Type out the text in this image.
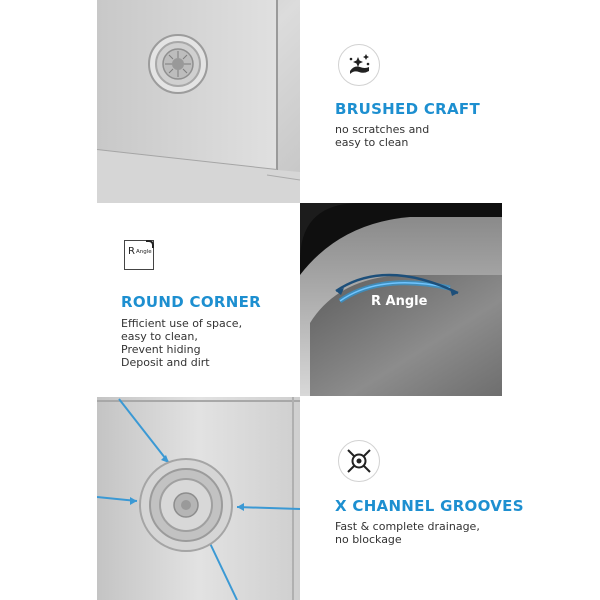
BRUSHED CRAFT
no scratches and
easy to clean
R Angle
ROUND CORNER
Efficient use of space,
easy to clean,
Prevent hiding
Deposit and dirt
R Angle
X CHANNEL GROOVES
Fast & complete drainage,
no blockage
